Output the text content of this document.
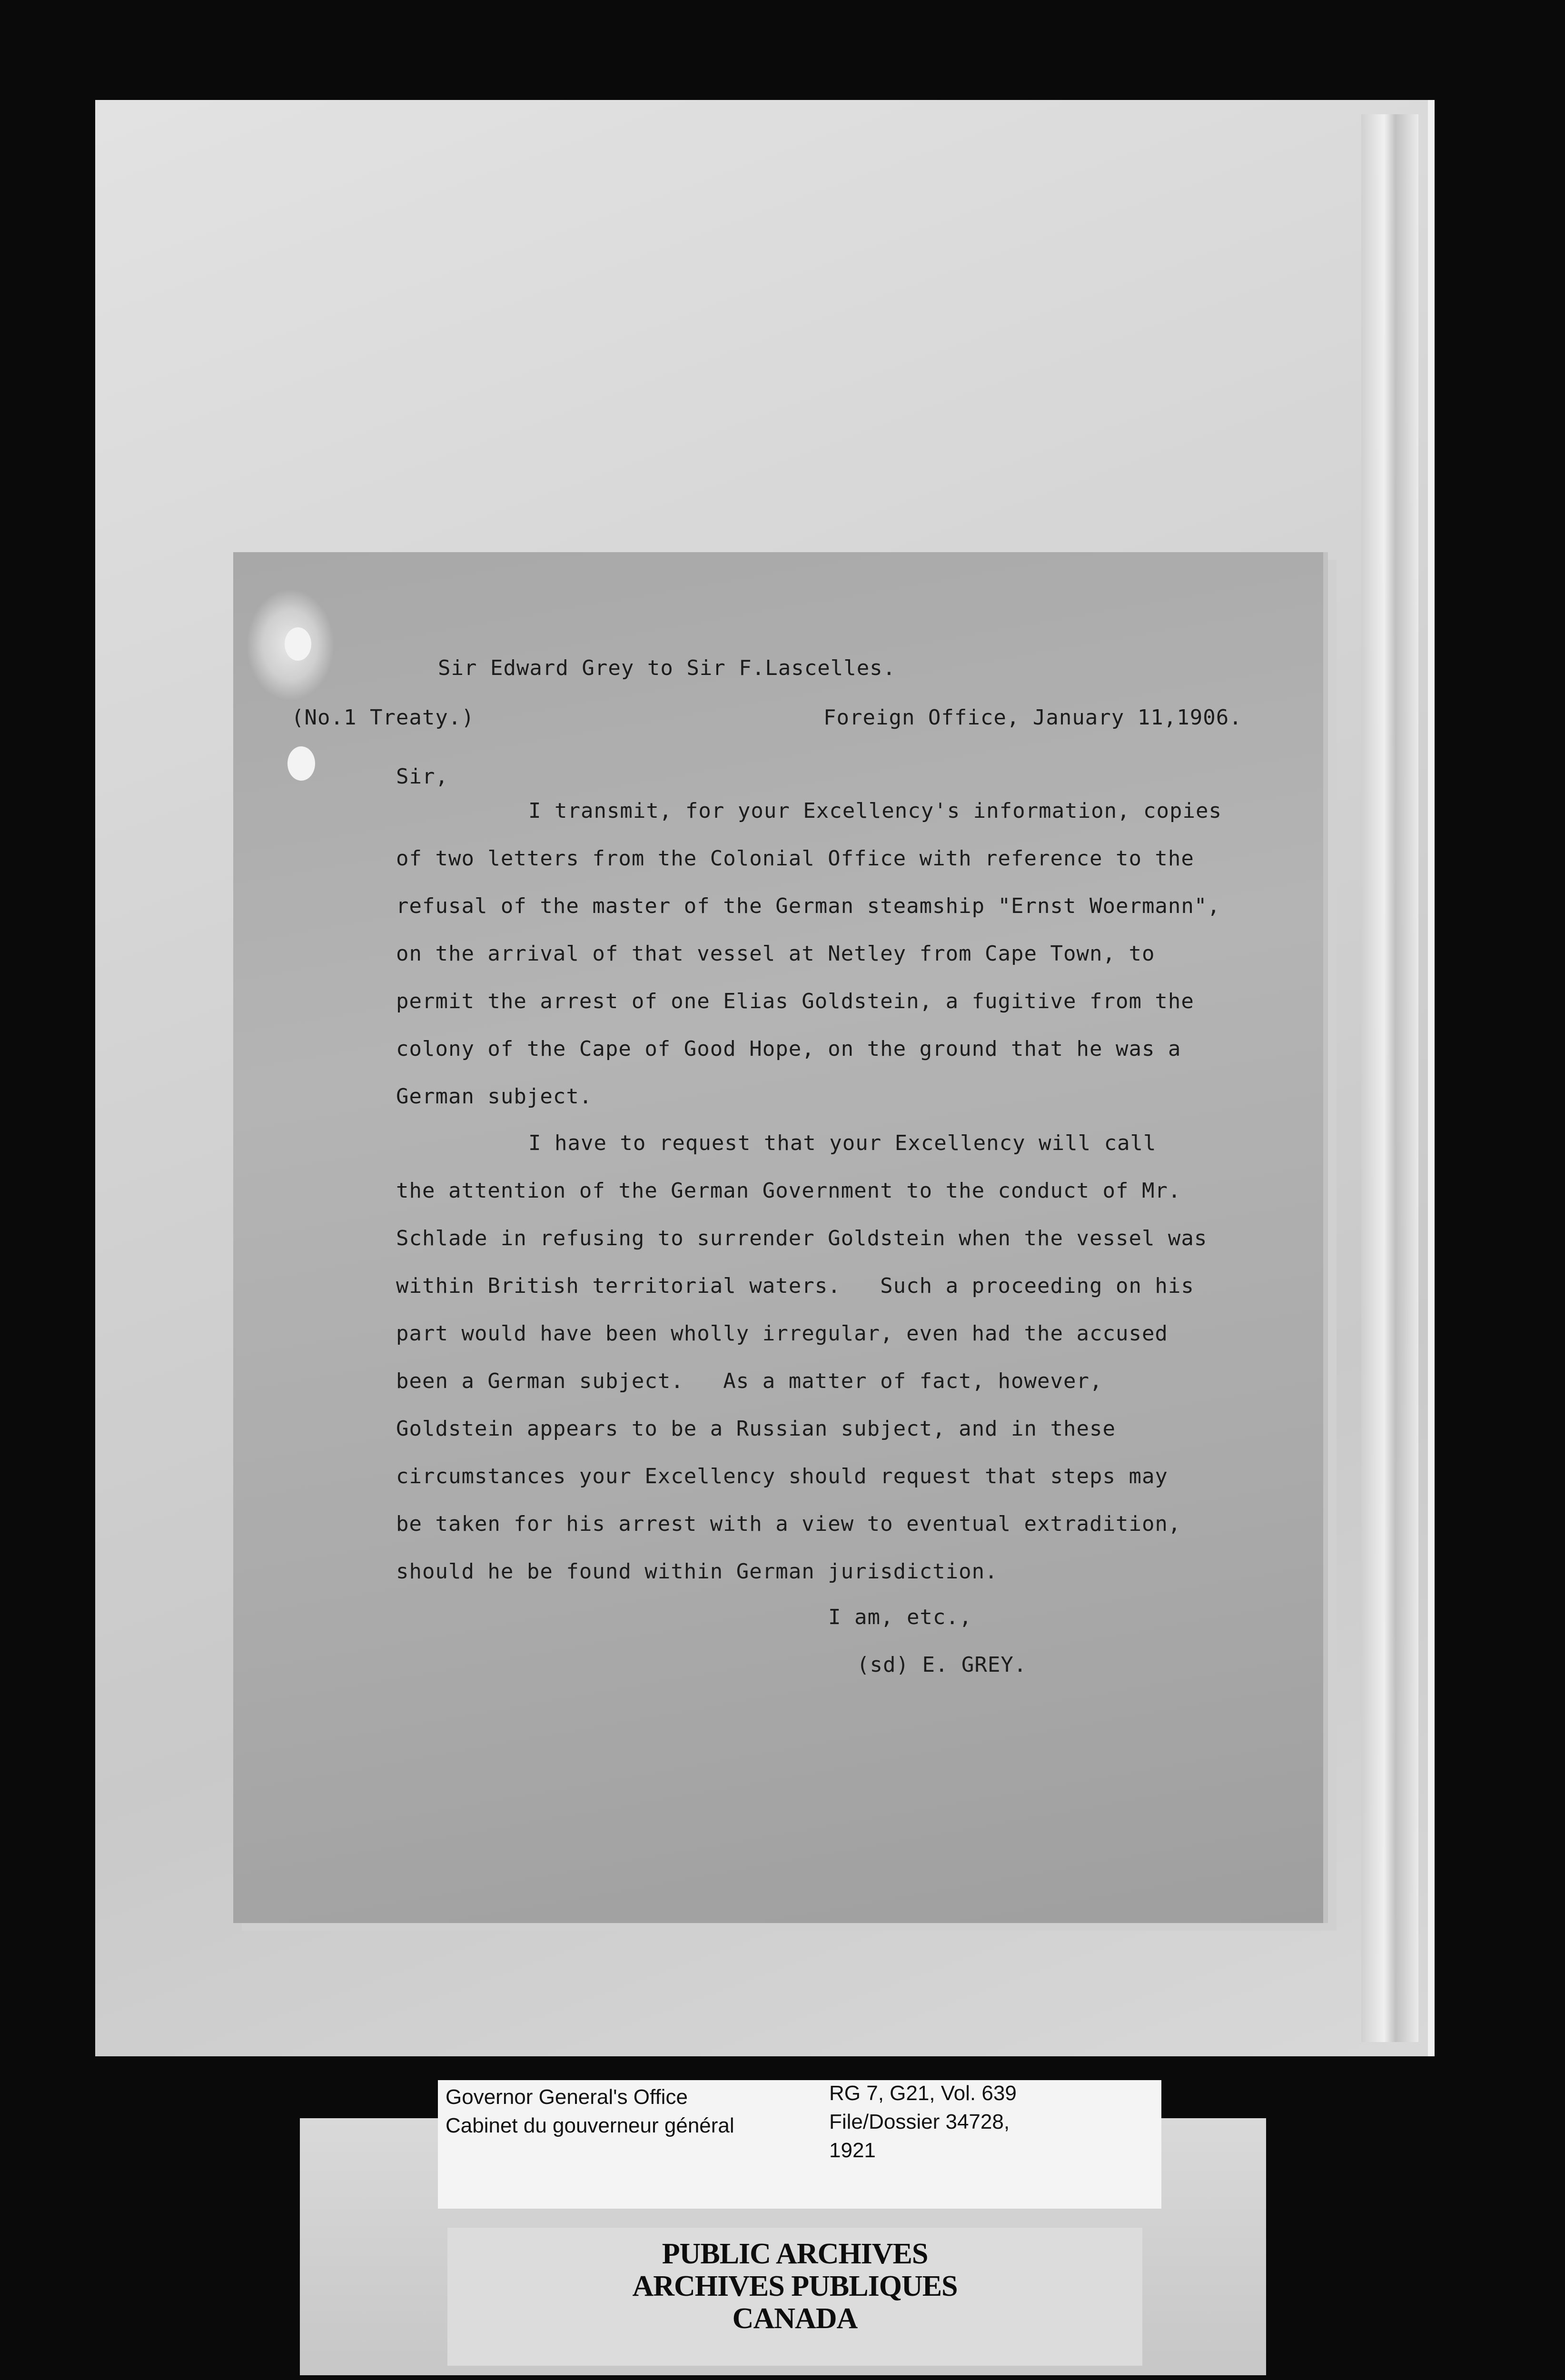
Sir Edward Grey to Sir F.Lascelles.
(No.1 Treaty.)	Foreign Office, January 11,1906.
Sir,
I transmit, for your Excellency's information, copies
of two letters from the Colonial Office with reference to the
refusal of the master of the German steamship "Ernst Woermann",
on the arrival of that vessel at Netley from Cape Town, to
permit the arrest of one Elias Goldstein, a fugitive from the
colony of the Cape of Good Hope, on the ground that he was a
German subject.
I have to request that your Excellency will call
the attention of the German Government to the conduct of Mr.
Schlade in refusing to surrender Goldstein when the vessel was
within British territorial waters.   Such a proceeding on his
part would have been wholly irregular, even had the accused
been a German subject.   As a matter of fact, however,
Goldstein appears to be a Russian subject, and in these
circumstances your Excellency should request that steps may
be taken for his arrest with a view to eventual extradition,
should he be found within German jurisdiction.
I am, etc.,
(sd) E. GREY.
Governor General's Office
Cabinet du gouverneur général
RG 7, G21, Vol. 639
File/Dossier 34728,
1921
PUBLIC ARCHIVES
ARCHIVES PUBLIQUES
CANADA
